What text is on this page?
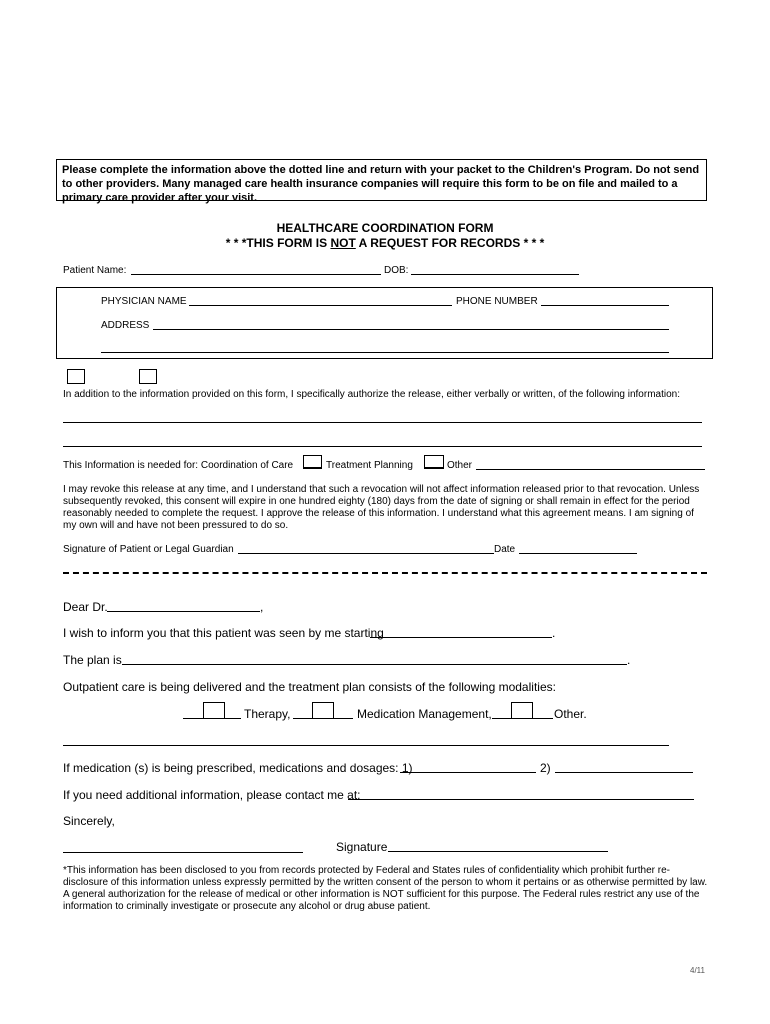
Please complete the information above the dotted line and return with your packet to the Children's Program. Do not send to other providers. Many managed care health insurance companies will require this form to be on file and mailed to a primary care provider after your visit.
HEALTHCARE COORDINATION FORM
* * *THIS FORM IS NOT A REQUEST FOR RECORDS * * *
Patient Name:	DOB:
PHYSICIAN NAME	PHONE NUMBER
ADDRESS
In addition to the information provided on this form, I specifically authorize the release, either verbally or written, of the following information:
This Information is needed for: Coordination of Care	Treatment Planning	Other
I may revoke this release at any time, and I understand that such a revocation will not affect information released prior to that revocation. Unless subsequently revoked, this consent will expire in one hundred eighty (180) days from the date of signing or shall remain in effect for the period reasonably needed to complete the request. I approve the release of this information. I understand what this agreement means. I am signing of my own will and have not been pressured to do so.
Signature of Patient or Legal Guardian	Date
Dear Dr.	,
I wish to inform you that this patient was seen by me starting	.
The plan is	.
Outpatient care is being delivered and the treatment plan consists of the following modalities:
Therapy,	Medication Management,	Other.
If medication (s) is being prescribed, medications and dosages: 1)	2)
If you need additional information, please contact me at:
Sincerely,
Signature
*This information has been disclosed to you from records protected by Federal and States rules of confidentiality which prohibit further re-disclosure of this information unless expressly permitted by the written consent of the person to whom it pertains or as otherwise permitted by law. A general authorization for the release of medical or other information is NOT sufficient for this purpose. The Federal rules restrict any use of the information to criminally investigate or prosecute any alcohol or drug abuse patient.
4/11
